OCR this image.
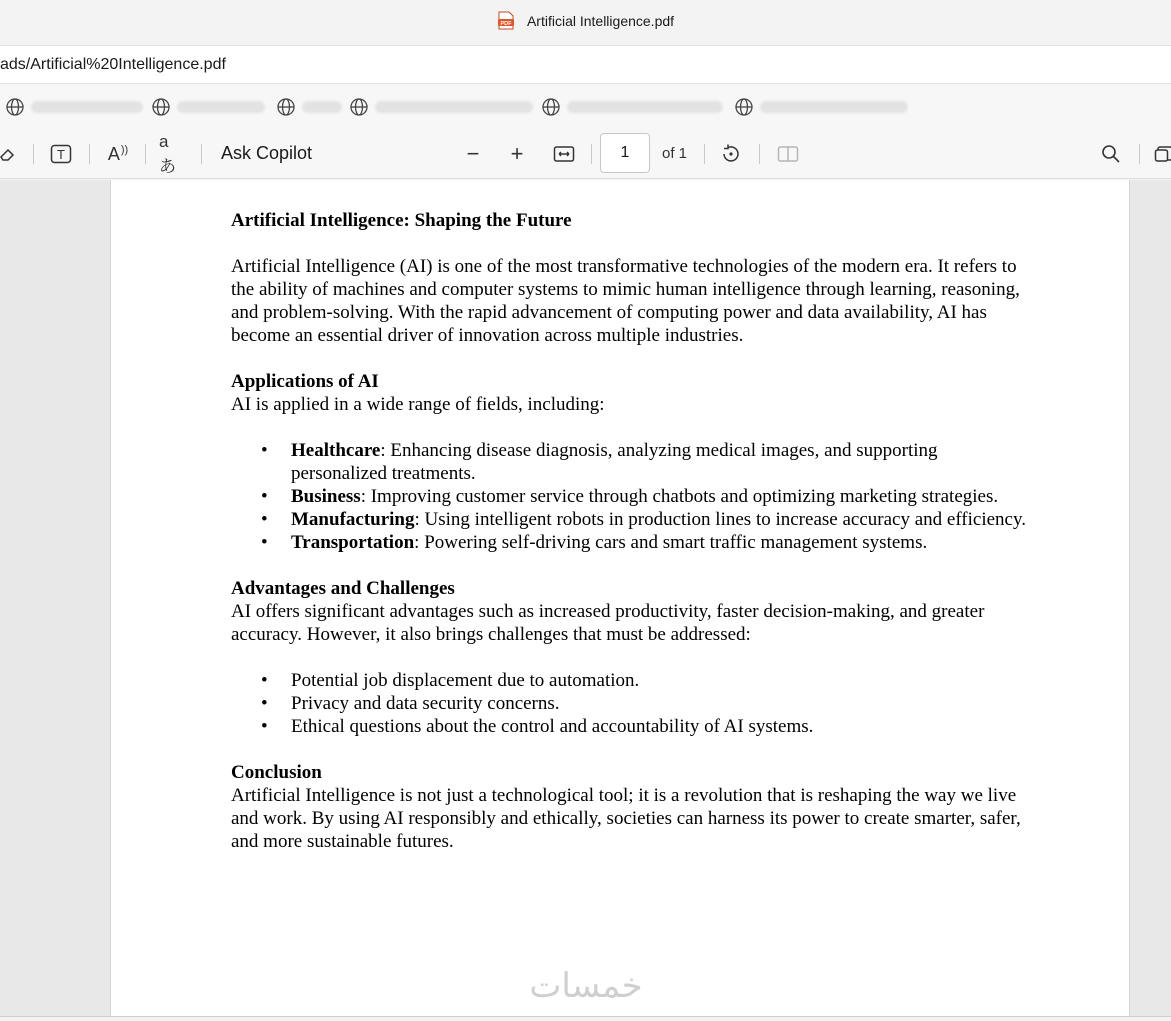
PDF Artificial Intelligence.pdf
ads/Artificial%20Intelligence.pdf
T A )) aあ
Ask Copilot	− +	1	of 1
Artificial Intelligence: Shaping the Future

Artificial Intelligence (AI) is one of the most transformative technologies of the modern era. It refers to the ability of machines and computer systems to mimic human intelligence through learning, reasoning, and problem-solving. With the rapid advancement of computing power and data availability, AI has become an essential driver of innovation across multiple industries.

Applications of AI

AI is applied in a wide range of fields, including:

• Healthcare: Enhancing disease diagnosis, analyzing medical images, and supporting personalized treatments.
• Business: Improving customer service through chatbots and optimizing marketing strategies.
• Manufacturing: Using intelligent robots in production lines to increase accuracy and efficiency.
• Transportation: Powering self-driving cars and smart traffic management systems.
Advantages and Challenges

AI offers significant advantages such as increased productivity, faster decision-making, and greater accuracy. However, it also brings challenges that must be addressed:

• Potential job displacement due to automation.
• Privacy and data security concerns.
• Ethical questions about the control and accountability of AI systems.
Conclusion

Artificial Intelligence is not just a technological tool; it is a revolution that is reshaping the way we live and work. By using AI responsibly and ethically, societies can harness its power to create smarter, safer, and more sustainable futures.

خمسات
